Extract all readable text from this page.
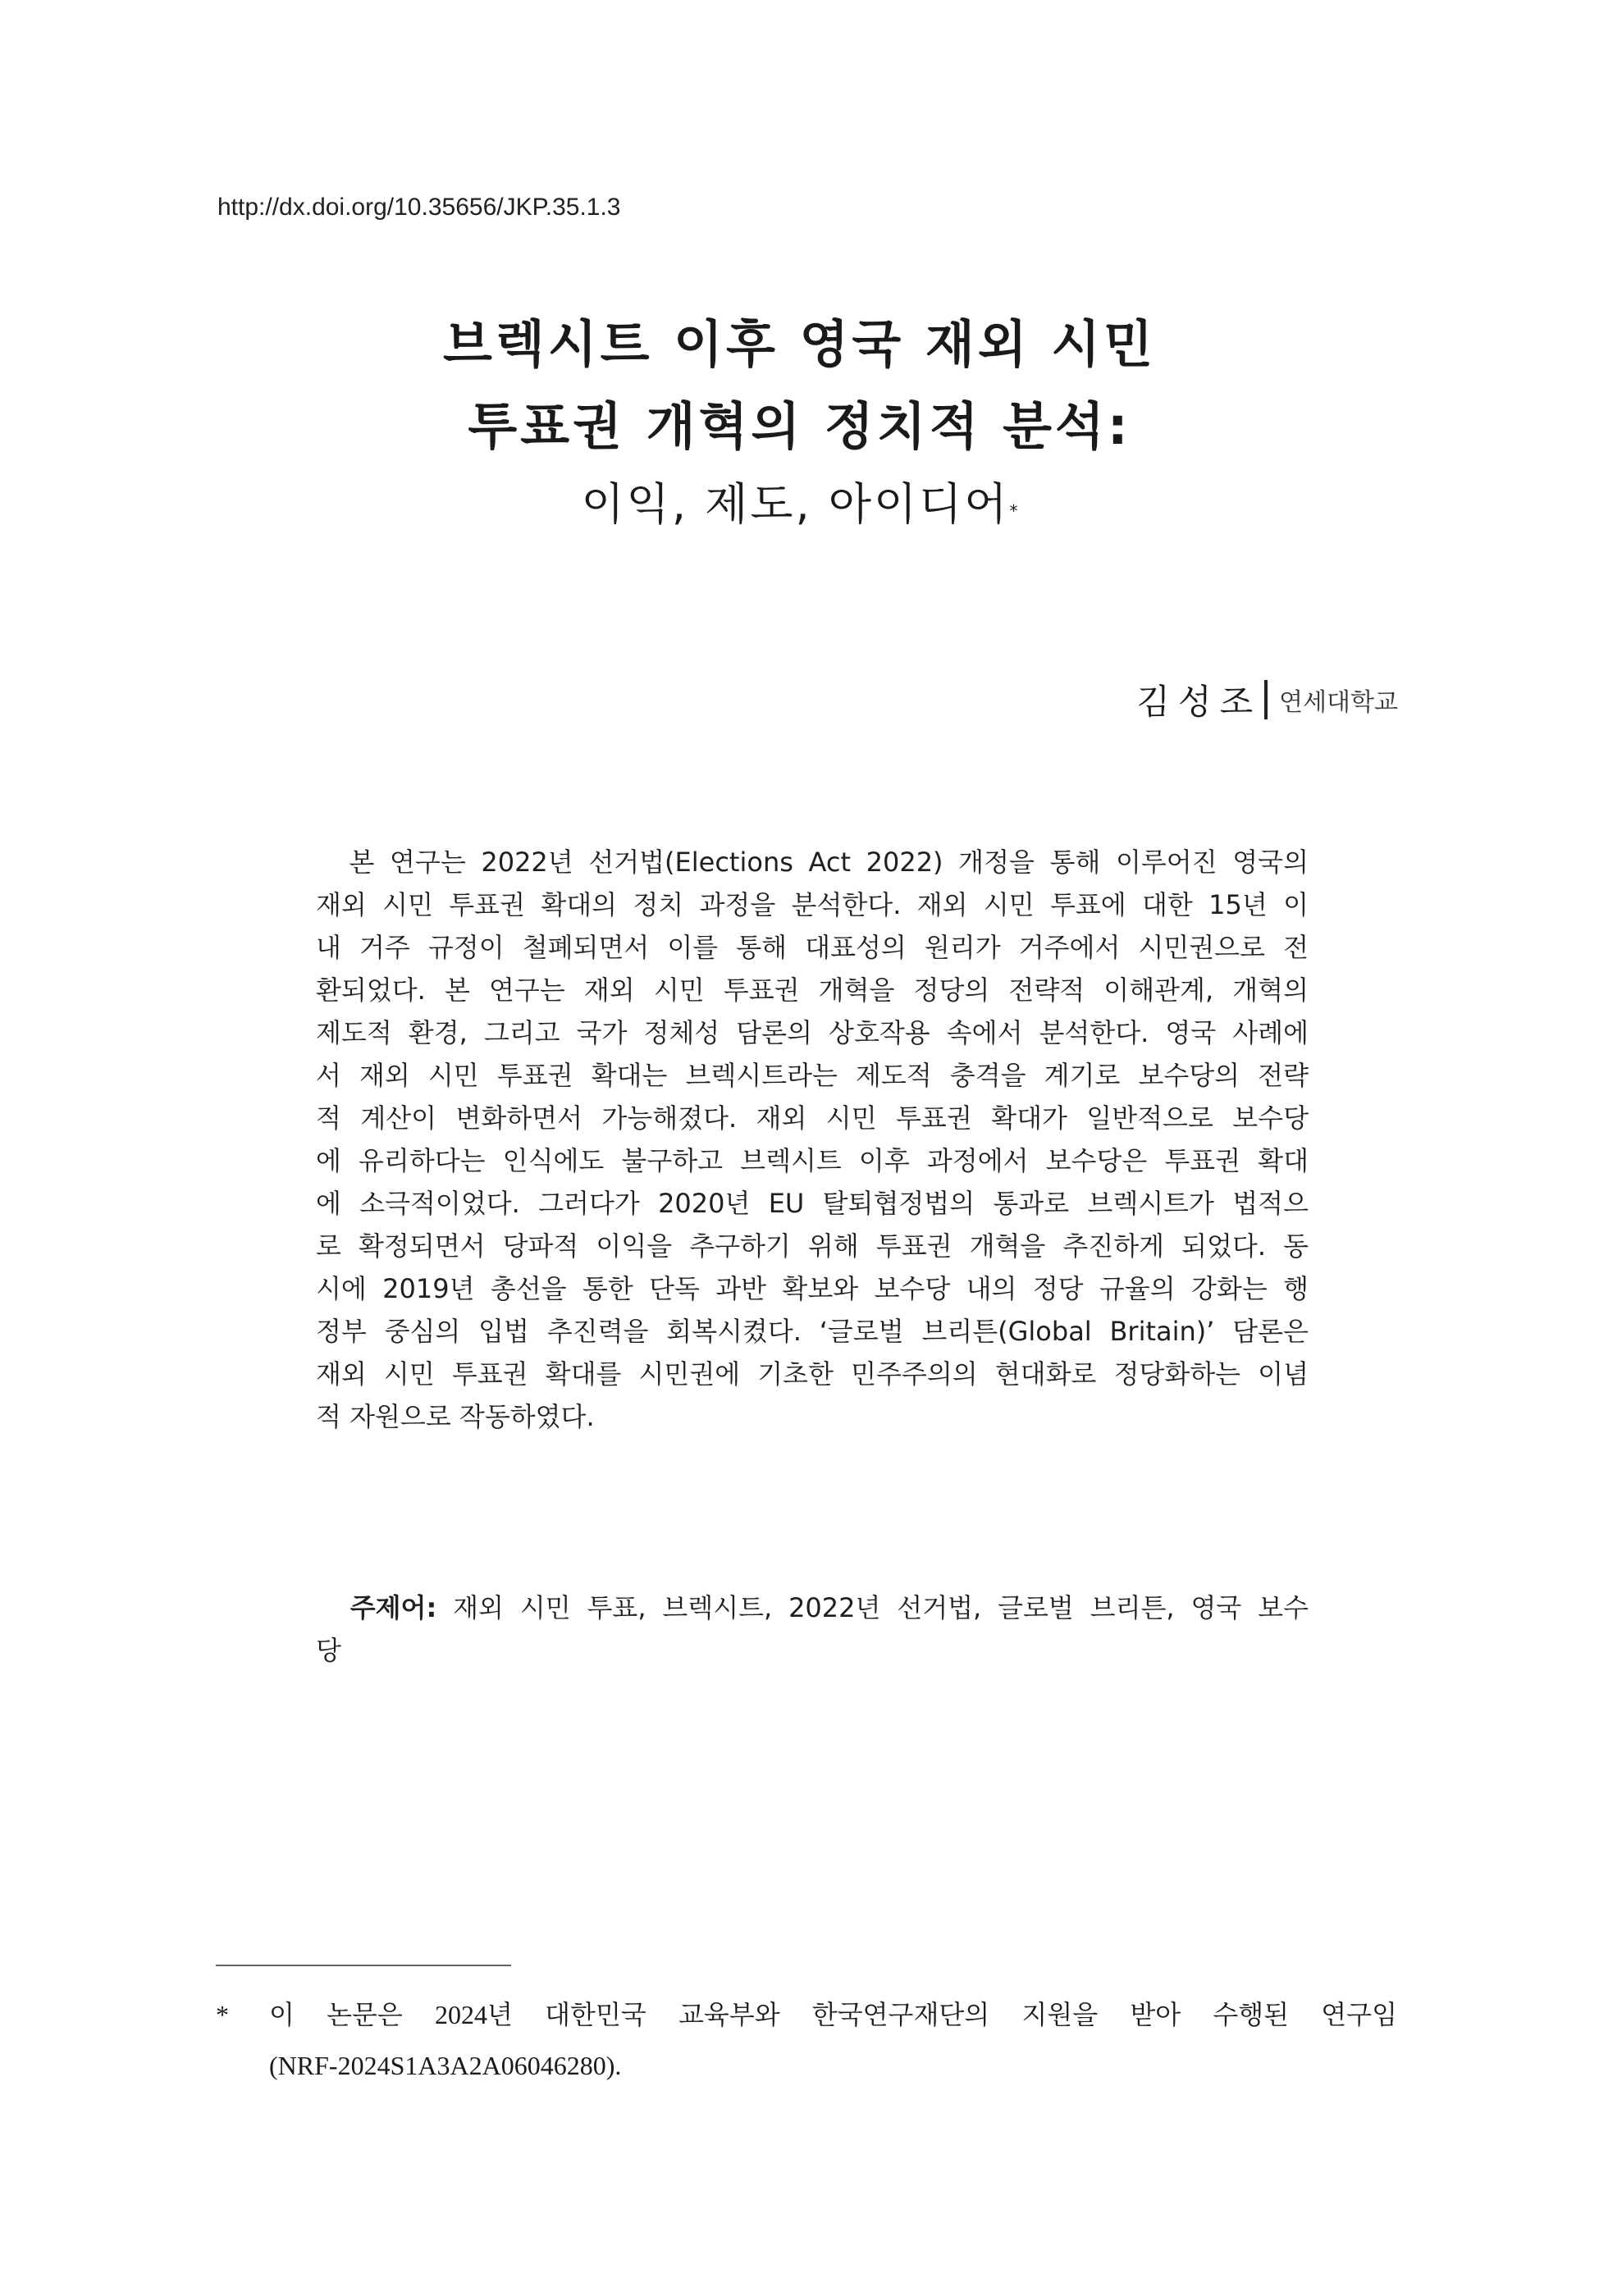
http://dx.doi.org/10.35656/JKP.35.1.3
브렉시트 이후 영국 재외 시민
투표권 개혁의 정치적 분석:
이익, 제도, 아이디어*
김성조 연세대학교
　본 연구는 2022년 선거법(Elections Act 2022) 개정을 통해 이루어진 영국의
재외 시민 투표권 확대의 정치 과정을 분석한다. 재외 시민 투표에 대한 15년 이
내 거주 규정이 철폐되면서 이를 통해 대표성의 원리가 거주에서 시민권으로 전
환되었다. 본 연구는 재외 시민 투표권 개혁을 정당의 전략적 이해관계, 개혁의
제도적 환경, 그리고 국가 정체성 담론의 상호작용 속에서 분석한다. 영국 사례에
서 재외 시민 투표권 확대는 브렉시트라는 제도적 충격을 계기로 보수당의 전략
적 계산이 변화하면서 가능해졌다. 재외 시민 투표권 확대가 일반적으로 보수당
에 유리하다는 인식에도 불구하고 브렉시트 이후 과정에서 보수당은 투표권 확대
에 소극적이었다. 그러다가 2020년 EU 탈퇴협정법의 통과로 브렉시트가 법적으
로 확정되면서 당파적 이익을 추구하기 위해 투표권 개혁을 추진하게 되었다. 동
시에 2019년 총선을 통한 단독 과반 확보와 보수당 내의 정당 규율의 강화는 행
정부 중심의 입법 추진력을 회복시켰다. ‘글로벌 브리튼(Global Britain)’ 담론은
재외 시민 투표권 확대를 시민권에 기초한 민주주의의 현대화로 정당화하는 이념
적 자원으로 작동하였다.
　주제어: 재외 시민 투표, 브렉시트, 2022년 선거법, 글로벌 브리튼, 영국 보수
당
* 이 논문은 2024년 대한민국 교육부와 한국연구재단의 지원을 받아 수행된 연구임
(NRF-2024S1A3A2A06046280).
